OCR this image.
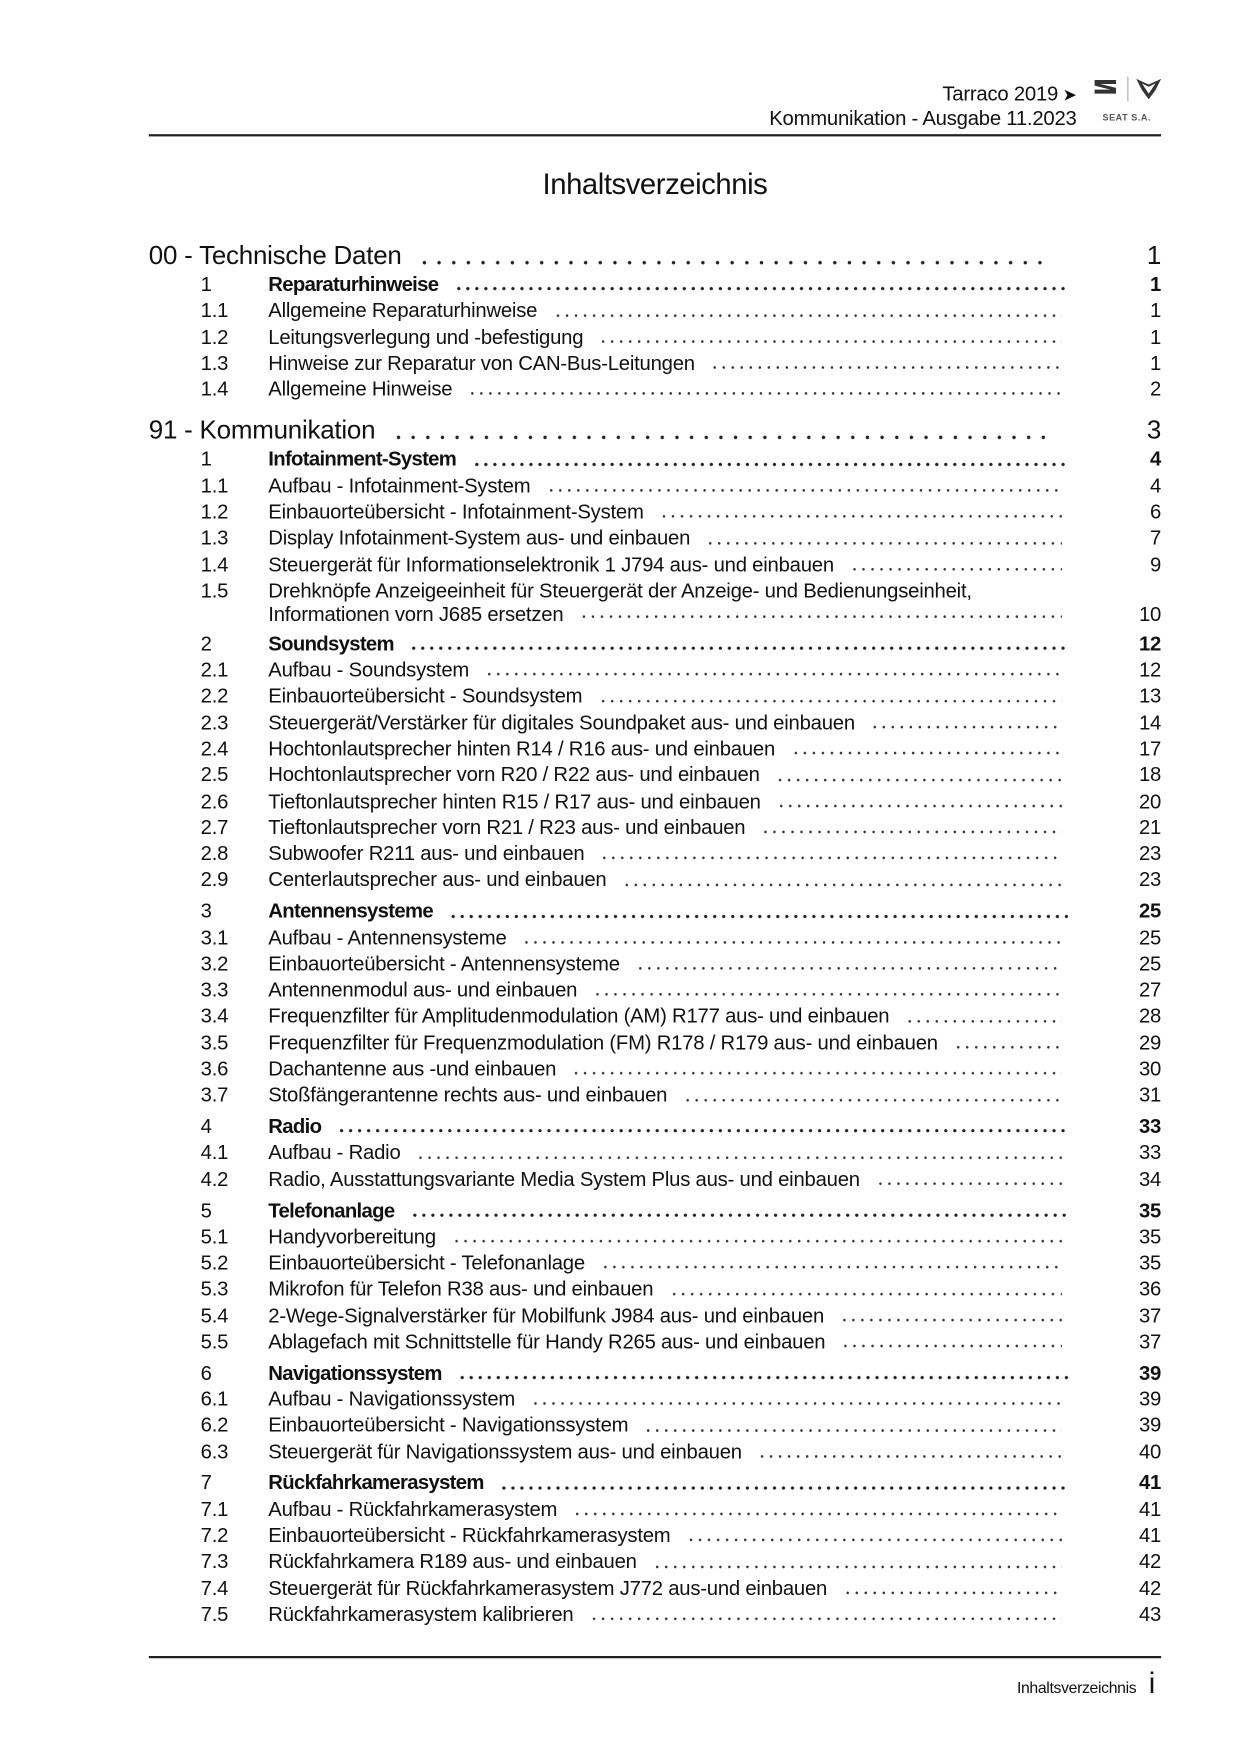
Tarraco 2019 ➤
Kommunikation - Ausgabe 11.2023	SEAT S.A.
Inhaltsverzeichnis
00 - Technische Daten	1
1	Reparaturhinweise	1
1.1	Allgemeine Reparaturhinweise	1
1.2	Leitungsverlegung und -befestigung	1
1.3	Hinweise zur Reparatur von CAN-Bus-Leitungen	1
1.4	Allgemeine Hinweise	2
91 - Kommunikation	3
1	Infotainment-System	4
1.1	Aufbau - Infotainment-System	4
1.2	Einbauorteübersicht - Infotainment-System	6
1.3	Display Infotainment-System aus- und einbauen	7
1.4	Steuergerät für Informationselektronik 1 J794 aus- und einbauen	9
1.5	Drehknöpfe Anzeigeeinheit für Steuergerät der Anzeige- und Bedienungseinheit,
Informationen vorn J685 ersetzen	10
2	Soundsystem	12
2.1	Aufbau - Soundsystem	12
2.2	Einbauorteübersicht - Soundsystem	13
2.3	Steuergerät/Verstärker für digitales Soundpaket aus- und einbauen	14
2.4	Hochtonlautsprecher hinten R14 / R16 aus- und einbauen	17
2.5	Hochtonlautsprecher vorn R20 / R22 aus- und einbauen	18
2.6	Tieftonlautsprecher hinten R15 / R17 aus- und einbauen	20
2.7	Tieftonlautsprecher vorn R21 / R23 aus- und einbauen	21
2.8	Subwoofer R211 aus- und einbauen	23
2.9	Centerlautsprecher aus- und einbauen	23
3	Antennensysteme	25
3.1	Aufbau - Antennensysteme	25
3.2	Einbauorteübersicht - Antennensysteme	25
3.3	Antennenmodul aus- und einbauen	27
3.4	Frequenzfilter für Amplitudenmodulation (AM) R177 aus- und einbauen	28
3.5	Frequenzfilter für Frequenzmodulation (FM) R178 / R179 aus- und einbauen	29
3.6	Dachantenne aus -und einbauen	30
3.7	Stoßfängerantenne rechts aus- und einbauen	31
4	Radio	33
4.1	Aufbau - Radio	33
4.2	Radio, Ausstattungsvariante Media System Plus aus- und einbauen	34
5	Telefonanlage	35
5.1	Handyvorbereitung	35
5.2	Einbauorteübersicht - Telefonanlage	35
5.3	Mikrofon für Telefon R38 aus- und einbauen	36
5.4	2-Wege-Signalverstärker für Mobilfunk J984 aus- und einbauen	37
5.5	Ablagefach mit Schnittstelle für Handy R265 aus- und einbauen	37
6	Navigationssystem	39
6.1	Aufbau - Navigationssystem	39
6.2	Einbauorteübersicht - Navigationssystem	39
6.3	Steuergerät für Navigationssystem aus- und einbauen	40
7	Rückfahrkamerasystem	41
7.1	Aufbau - Rückfahrkamerasystem	41
7.2	Einbauorteübersicht - Rückfahrkamerasystem	41
7.3	Rückfahrkamera R189 aus- und einbauen	42
7.4	Steuergerät für Rückfahrkamerasystem J772 aus-und einbauen	42
7.5	Rückfahrkamerasystem kalibrieren	43
Inhaltsverzeichnis i
